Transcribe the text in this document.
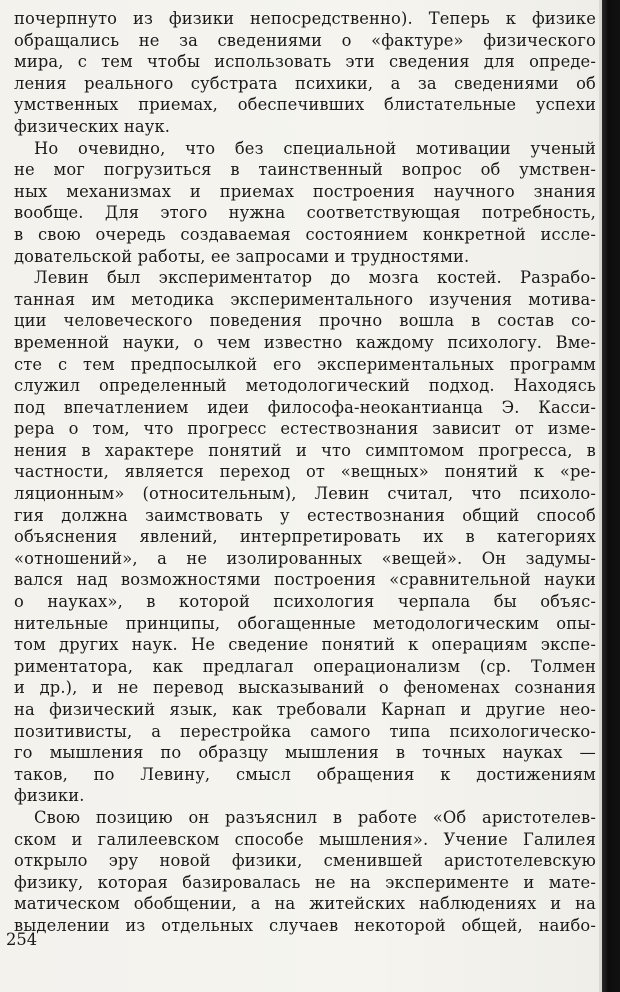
почерпнуто из физики непосредственно). Теперь к физике
обращались не за сведениями о «фактуре» физического
мира, с тем чтобы использовать эти сведения для опреде-
ления реального субстрата психики, а за сведениями об
умственных приемах, обеспечивших блистательные успехи
физических наук.

Но очевидно, что без специальной мотивации ученый
не мог погрузиться в таинственный вопрос об умствен-
ных механизмах и приемах построения научного знания
вообще. Для этого нужна соответствующая потребность,
в свою очередь создаваемая состоянием конкретной иссле-
довательской работы, ее запросами и трудностями.

Левин был экспериментатор до мозга костей. Разрабо-
танная им методика экспериментального изучения мотива-
ции человеческого поведения прочно вошла в состав со-
временной науки, о чем известно каждому психологу. Вме-
сте с тем предпосылкой его экспериментальных программ
служил определенный методологический подход. Находясь
под впечатлением идеи философа-неокантианца Э. Касси-
рера о том, что прогресс естествознания зависит от изме-
нения в характере понятий и что симптомом прогресса, в
частности, является переход от «вещных» понятий к «ре-
ляционным» (относительным), Левин считал, что психоло-
гия должна заимствовать у естествознания общий способ
объяснения явлений, интерпретировать их в категориях
«отношений», а не изолированных «вещей». Он задумы-
вался над возможностями построения «сравнительной науки
о науках», в которой психология черпала бы объяс-
нительные принципы, обогащенные методологическим опы-
том других наук. Не сведение понятий к операциям экспе-
риментатора, как предлагал операционализм (ср. Толмен
и др.), и не перевод высказываний о феноменах сознания
на физический язык, как требовали Карнап и другие нео-
позитивисты, а перестройка самого типа психологическо-
го мышления по образцу мышления в точных науках —
таков, по Левину, смысл обращения к достижениям
физики.

Свою позицию он разъяснил в работе «Об аристотелев-
ском и галилеевском способе мышления». Учение Галилея
открыло эру новой физики, сменившей аристотелевскую
физику, которая базировалась не на эксперименте и мате-
матическом обобщении, а на житейских наблюдениях и на
выделении из отдельных случаев некоторой общей, наибо-

254
